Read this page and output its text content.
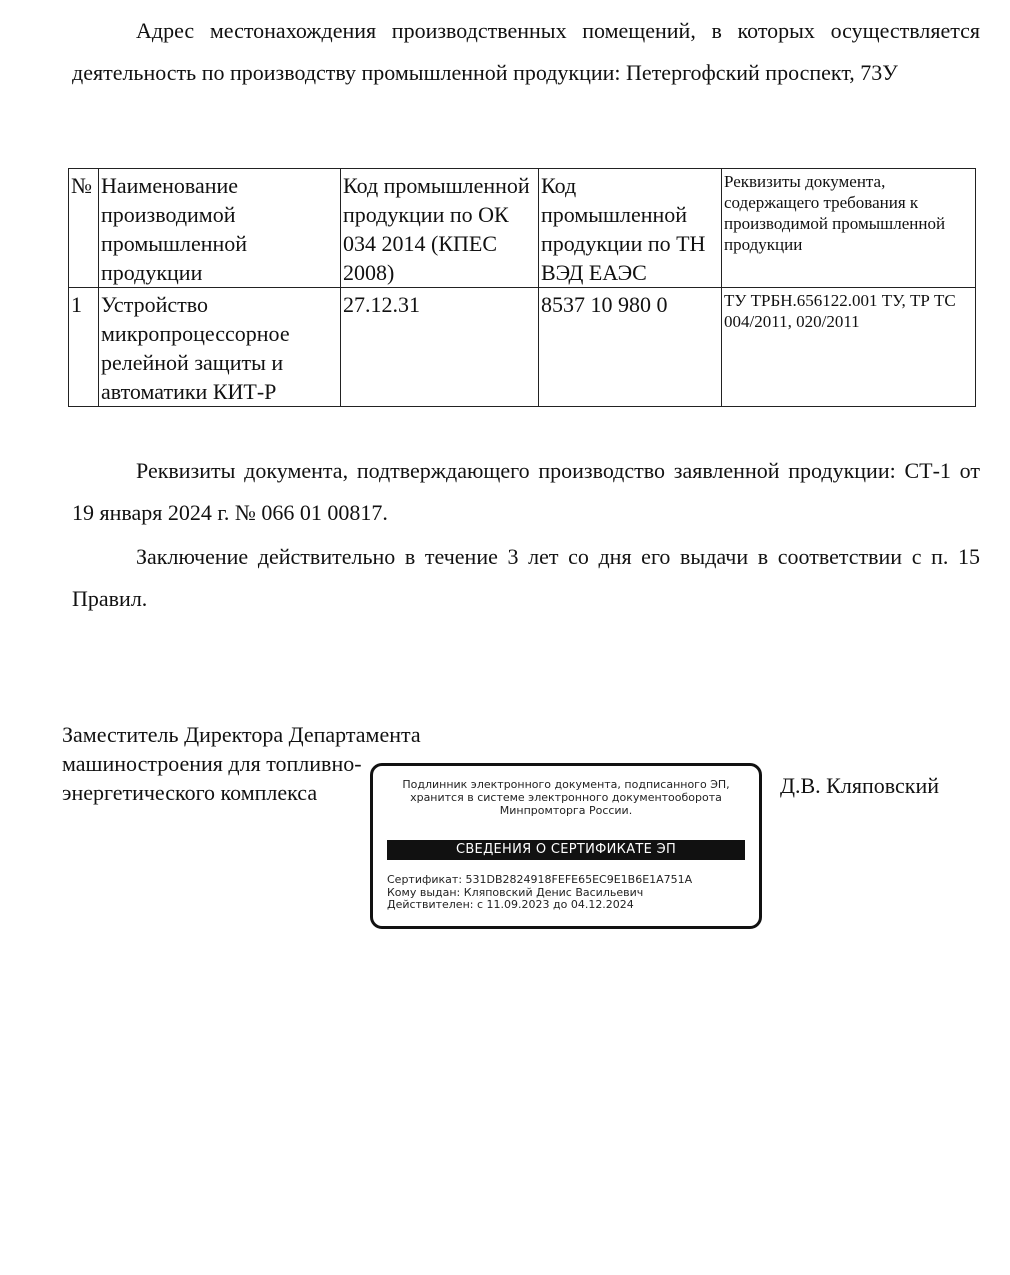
Адрес местонахождения производственных помещений, в которых осуществляется деятельность по производству промышленной продукции: Петергофский проспект, 73У

№	Наименование производимой промышленной продукции	Код промышленной продукции по ОК 034 2014 (КПЕС 2008)	Код промышленной продукции по ТН ВЭД ЕАЭС	Реквизиты документа, содержащего требования к производимой промышленной продукции
1	Устройство микропроцессорное релейной защиты и автоматики КИТ-Р	27.12.31	8537 10 980 0	ТУ ТРБН.656122.001 ТУ, ТР ТС 004/2011, 020/2011

Реквизиты документа, подтверждающего производство заявленной продукции: СТ-1 от 19 января 2024 г. № 066 01 00817.

Заключение действительно в течение 3 лет со дня его выдачи в соответствии с п. 15 Правил.

Заместитель Директора Департамента машиностроения для топливно-энергетического комплекса	Подлинник электронного документа, подписанного ЭП, хранится в системе электронного документооборота Минпромторга России.
СВЕДЕНИЯ О СЕРТИФИКАТЕ ЭП
Сертификат: 531DB2824918FEFE65EC9E1B6E1A751A
Кому выдан: Кляповский Денис Васильевич
Действителен: с 11.09.2023 до 04.12.2024
Д.В. Кляповский
